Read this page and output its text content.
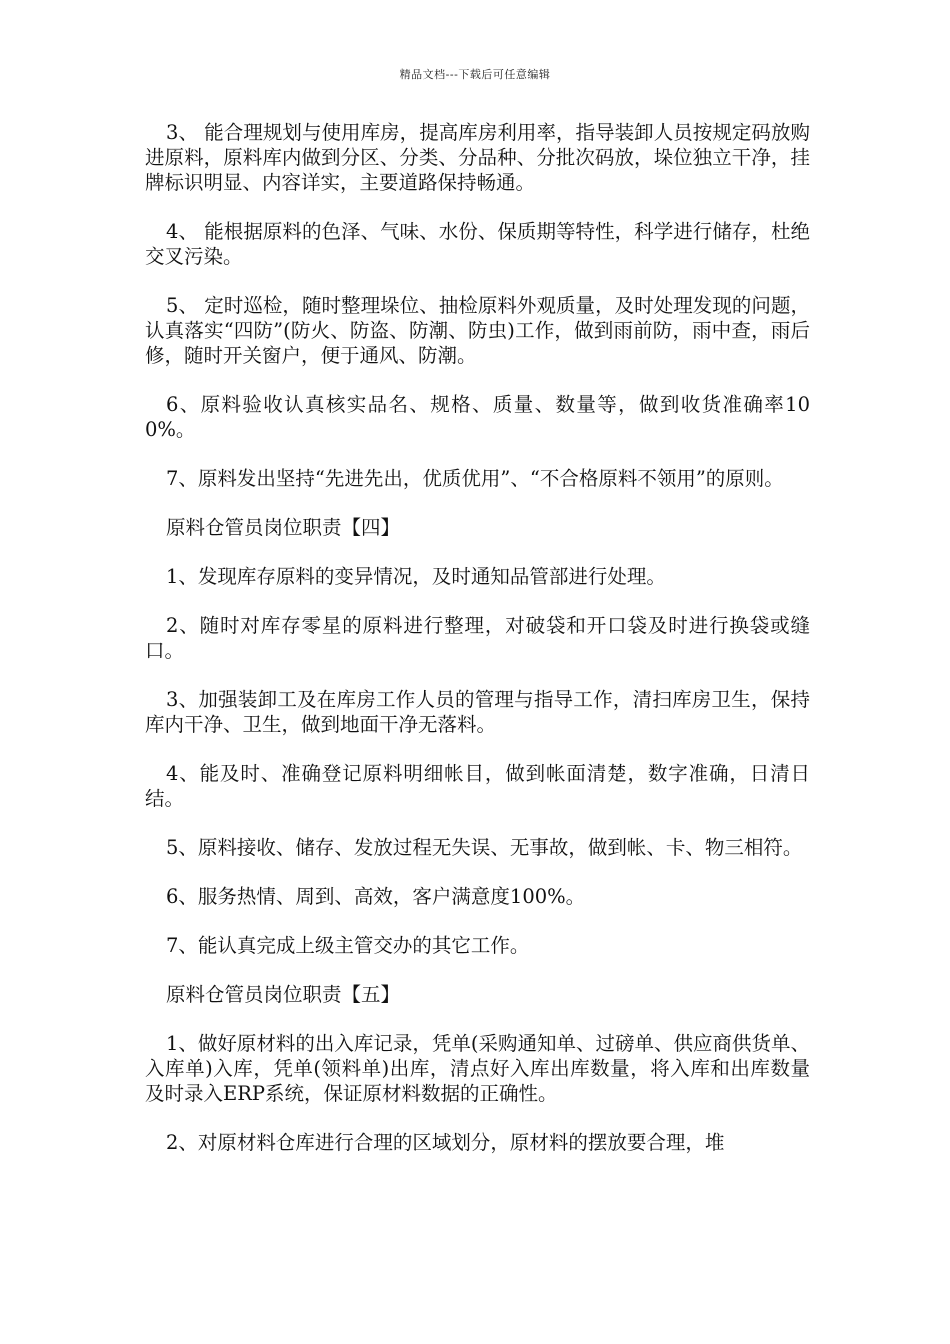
精品文档---下载后可任意编辑

3、 能合理规划与使用库房，提高库房利用率，指导装卸人员按规定码放购进原料，原料库内做到分区、分类、分品种、分批次码放，垛位独立干净，挂牌标识明显、内容详实，主要道路保持畅通。

4、 能根据原料的色泽、气味、水份、保质期等特性，科学进行储存，杜绝交叉污染。

5、 定时巡检，随时整理垛位、抽检原料外观质量，及时处理发现的问题，认真落实“四防”(防火、防盗、防潮、防虫)工作，做到雨前防，雨中查，雨后修，随时开关窗户，便于通风、防潮。

6、原料验收认真核实品名、规格、质量、数量等，做到收货准确率100%。

7、原料发出坚持“先进先出，优质优用”、“不合格原料不领用”的原则。

原料仓管员岗位职责【四】

1、发现库存原料的变异情况，及时通知品管部进行处理。

2、随时对库存零星的原料进行整理，对破袋和开口袋及时进行换袋或缝口。

3、加强装卸工及在库房工作人员的管理与指导工作，清扫库房卫生，保持库内干净、卫生，做到地面干净无落料。

4、能及时、准确登记原料明细帐目，做到帐面清楚，数字准确，日清日结。

5、原料接收、储存、发放过程无失误、无事故，做到帐、卡、物三相符。

6、服务热情、周到、高效，客户满意度100%。

7、能认真完成上级主管交办的其它工作。

原料仓管员岗位职责【五】

1、做好原材料的出入库记录，凭单(采购通知单、过磅单、供应商供货单、入库单)入库，凭单(领料单)出库，清点好入库出库数量，将入库和出库数量及时录入ERP系统，保证原材料数据的正确性。

2、对原材料仓库进行合理的区域划分，原材料的摆放要合理，堆
